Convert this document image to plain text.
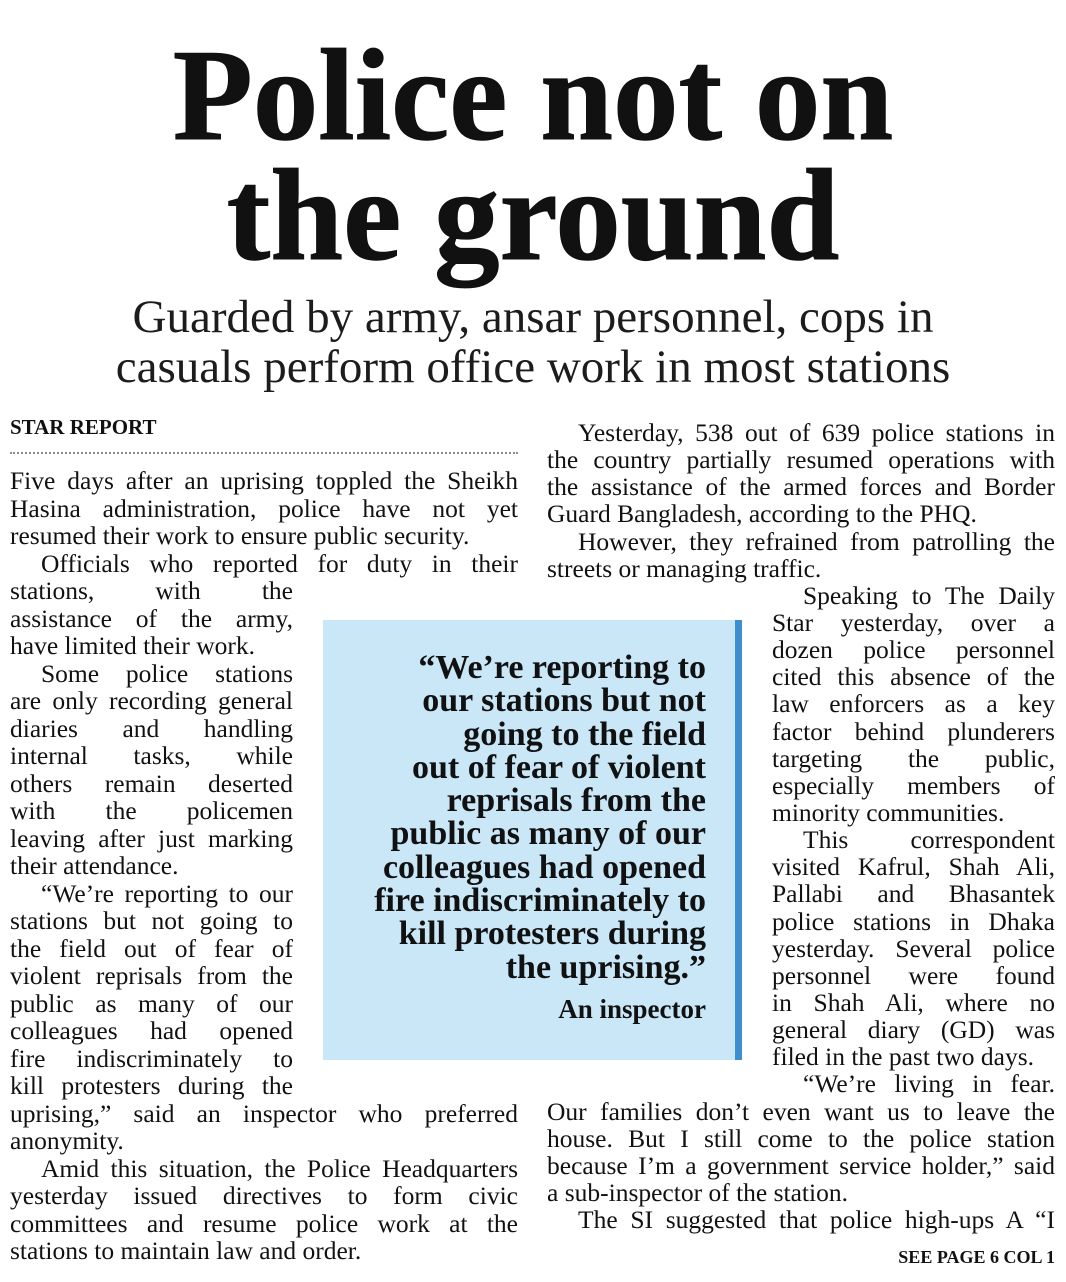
Police not on
the ground
Guarded by army, ansar personnel, cops in
casuals perform office work in most stations
STAR REPORT
Five days after an uprising toppled the Sheikh
Hasina administration, police have not yet
resumed their work to ensure public security.
Officials who reported for duty in their
stations, with the
assistance of the army,
have limited their work.
Some police stations
are only recording general
diaries and handling
internal tasks, while
others remain deserted
with the policemen
leaving after just marking
their attendance.
“We’re reporting to our
stations but not going to
the field out of fear of
violent reprisals from the
public as many of our
colleagues had opened
fire indiscriminately to
kill protesters during the
uprising,” said an inspector who preferred
anonymity.
Amid this situation, the Police Headquarters
yesterday issued directives to form civic
committees and resume police work at the
stations to maintain law and order.
Yesterday, 538 out of 639 police stations in
the country partially resumed operations with
the assistance of the armed forces and Border
Guard Bangladesh, according to the PHQ.
However, they refrained from patrolling the
streets or managing traffic.
Speaking to The Daily
Star yesterday, over a
dozen police personnel
cited this absence of the
law enforcers as a key
factor behind plunderers
targeting the public,
especially members of
minority communities.
This correspondent
visited Kafrul, Shah Ali,
Pallabi and Bhasantek
police stations in Dhaka
yesterday. Several police
personnel were found
in Shah Ali, where no
general diary (GD) was
filed in the past two days.
“We’re living in fear.
Our families don’t even want us to leave the
house. But I still come to the police station
because I’m a government service holder,” said
a sub-inspector of the station.
The SI suggested that police high-ups A “I
“We’re reporting to
our stations but not
going to the field
out of fear of violent
reprisals from the
public as many of our
colleagues had opened
fire indiscriminately to
kill protesters during
the uprising.”
An inspector
SEE PAGE 6 COL 1
